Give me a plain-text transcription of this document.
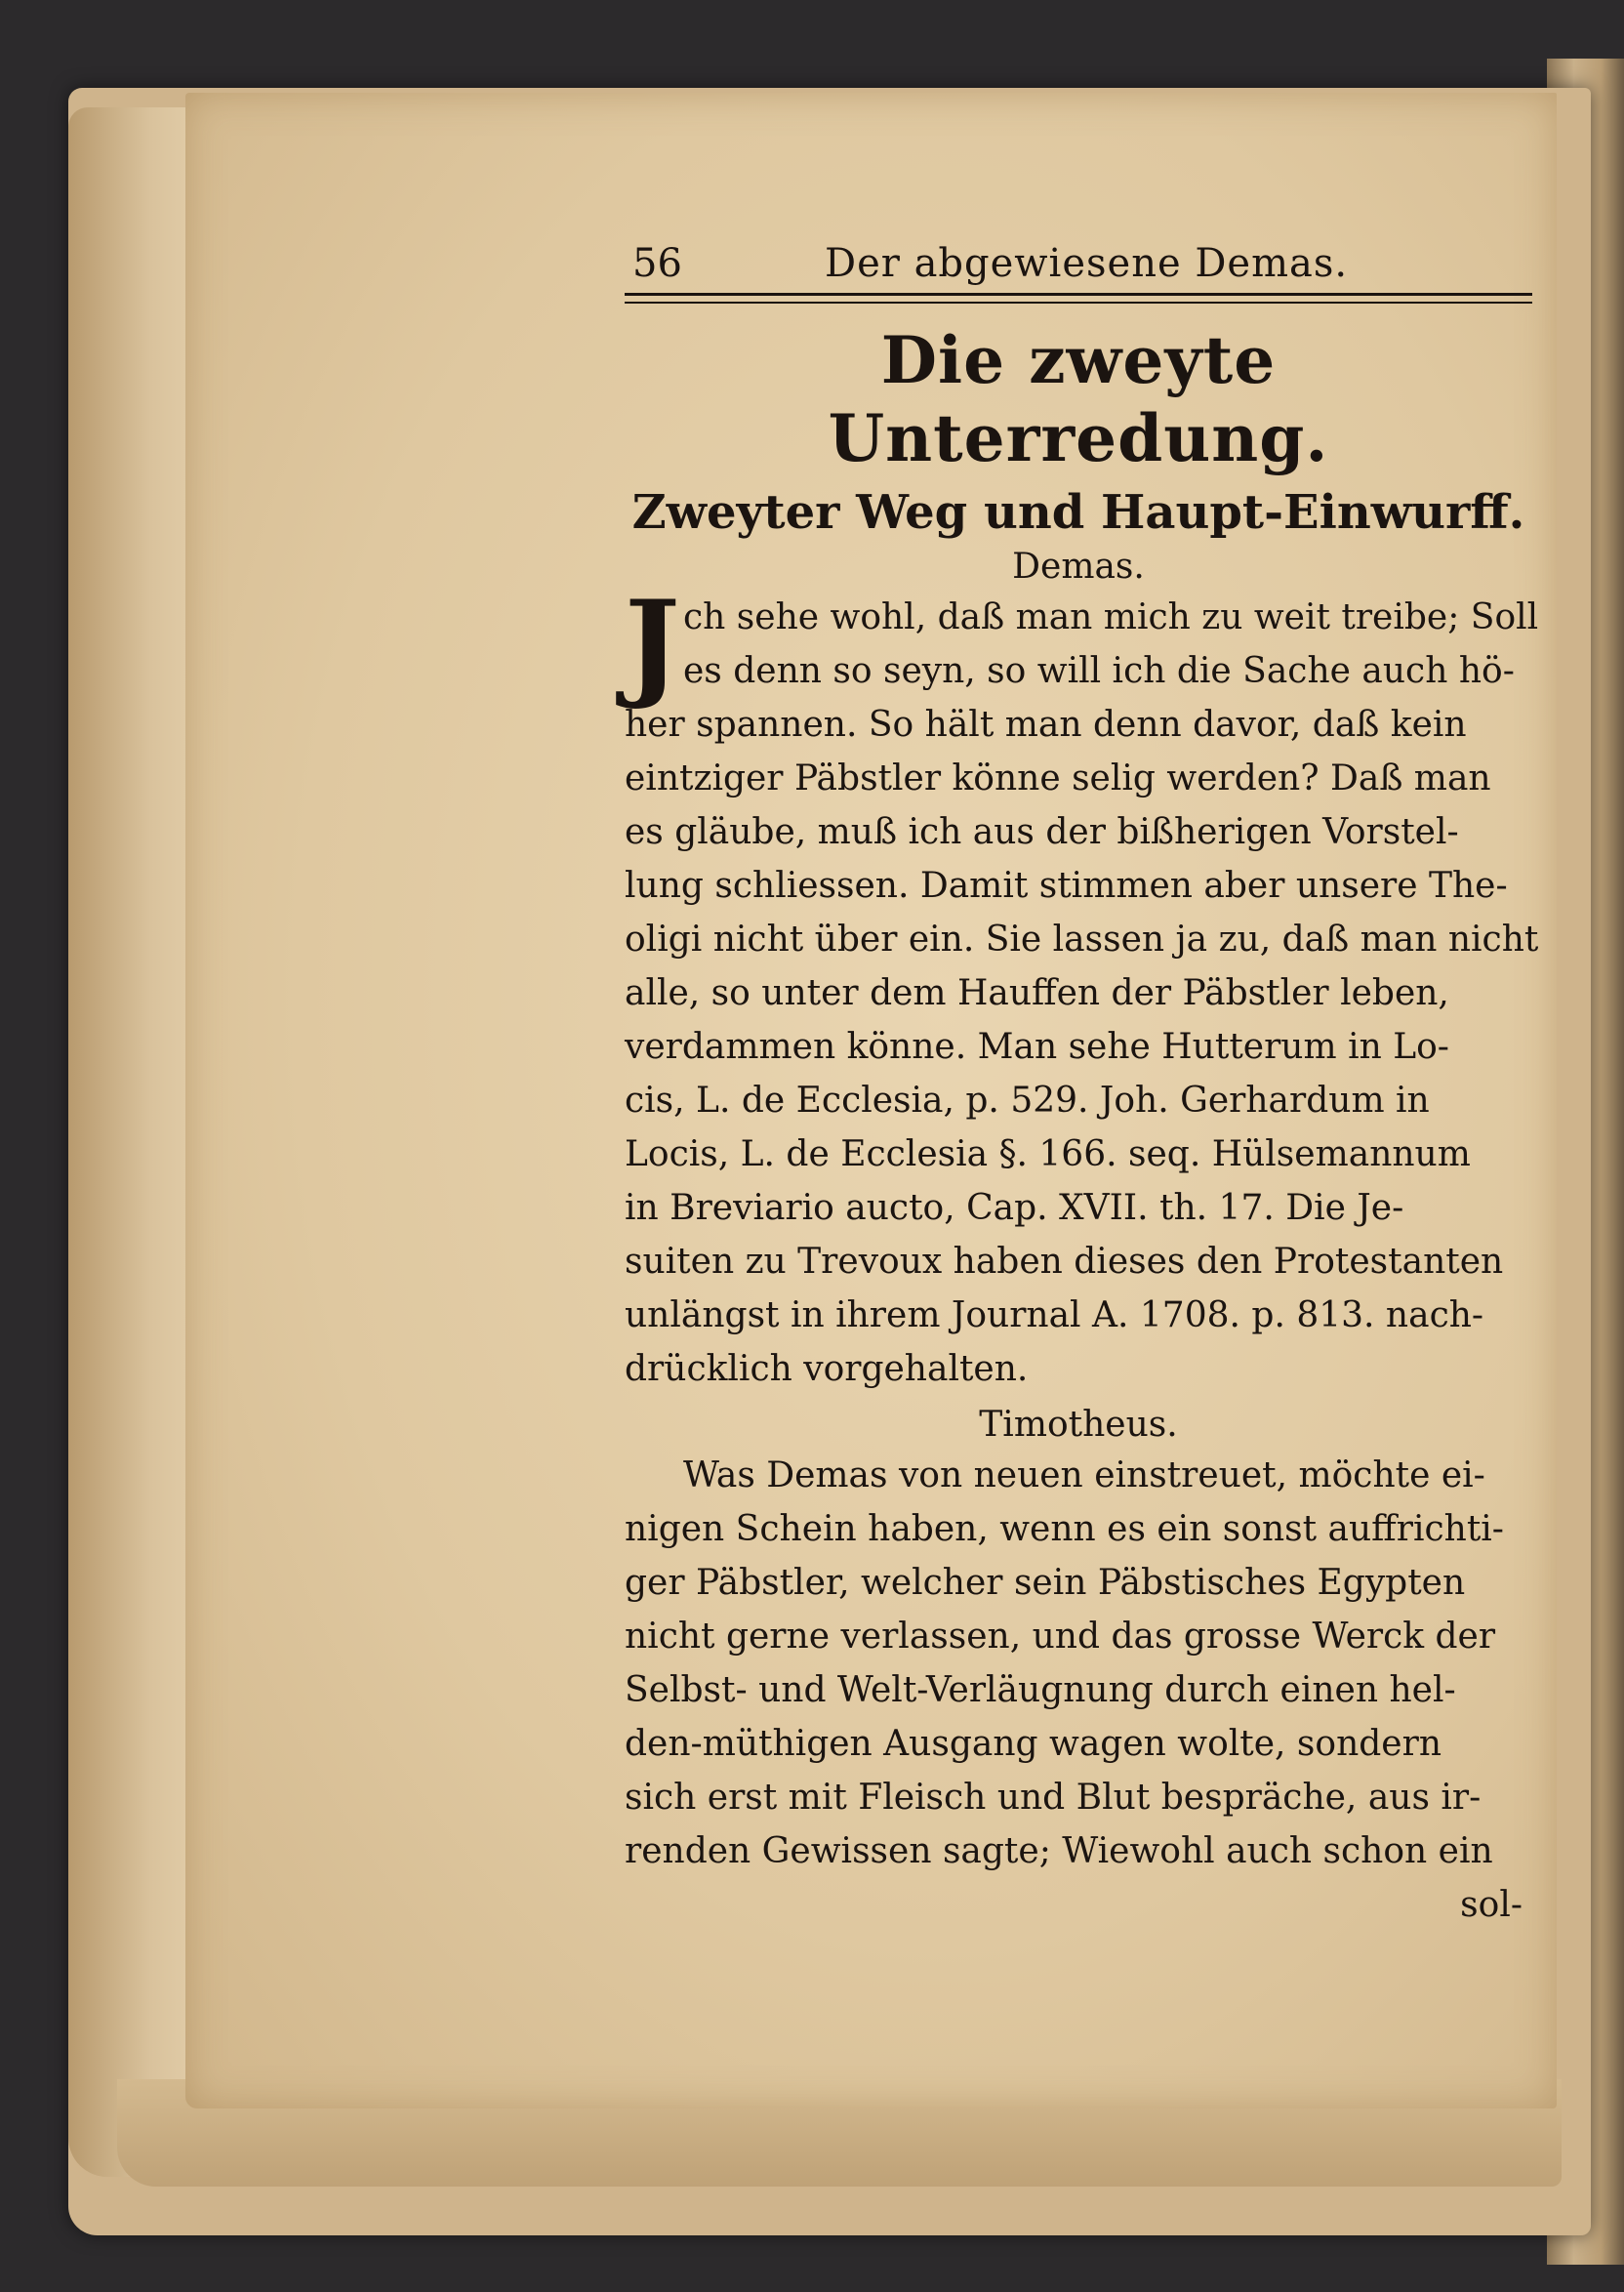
56	Der abgewiesene Demas.
Die zweyte Unterredung.
Zweyter Weg und Haupt-Einwurff.
Demas.
J ch sehe wohl, daß man mich zu weit treibe; Soll
es denn so seyn, so will ich die Sache auch hö-
her spannen. So hält man denn davor, daß kein
eintziger Päbstler könne selig werden? Daß man
es gläube, muß ich aus der bißherigen Vorstel-
lung schliessen. Damit stimmen aber unsere The-
oligi nicht über ein. Sie lassen ja zu, daß man nicht
alle, so unter dem Hauffen der Päbstler leben,
verdammen könne. Man sehe Hutterum in Lo-
cis, L. de Ecclesia, p. 529. Joh. Gerhardum in
Locis, L. de Ecclesia §. 166. seq. Hülsemannum
in Breviario aucto, Cap. XVII. th. 17. Die Je-
suiten zu Trevoux haben dieses den Protestanten
unlängst in ihrem Journal A. 1708. p. 813. nach-
drücklich vorgehalten.
Timotheus.
Was Demas von neuen einstreuet, möchte ei-
nigen Schein haben, wenn es ein sonst auffrichti-
ger Päbstler, welcher sein Päbstisches Egypten
nicht gerne verlassen, und das grosse Werck der
Selbst- und Welt-Verläugnung durch einen hel-
den-müthigen Ausgang wagen wolte, sondern
sich erst mit Fleisch und Blut bespräche, aus ir-
renden Gewissen sagte; Wiewohl auch schon ein
sol-
